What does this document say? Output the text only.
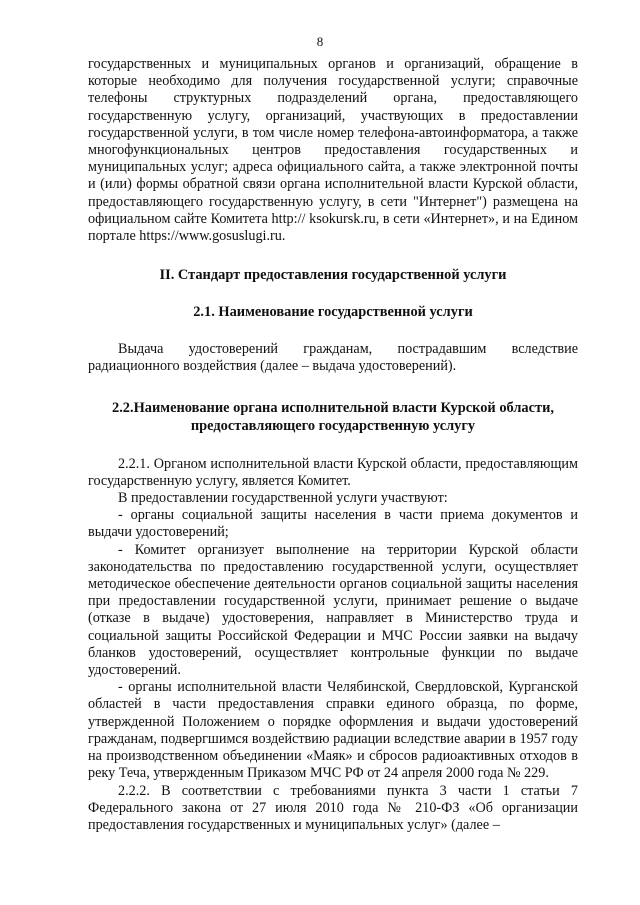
8

государственных и муниципальных органов и организаций, обращение в которые необходимо для получения государственной услуги; справочные телефоны структурных подразделений органа, предоставляющего государственную услугу, организаций, участвующих в предоставлении государственной услуги, в том числе номер телефона-автоинформатора, а также многофункциональных центров предоставления государственных и муниципальных услуг; адреса официального сайта, а также электронной почты и (или) формы обратной связи органа исполнительной власти Курской области, предоставляющего государственную услугу, в сети "Интернет") размещена на официальном сайте Комитета http:// ksokursk.ru, в сети «Интернет», и на Едином портале https://www.gosuslugi.ru.

II. Стандарт предоставления государственной услуги
2.1. Наименование государственной услуги

Выдача удостоверений гражданам, пострадавшим вследствие радиационного воздействия (далее – выдача удостоверений).

2.2.Наименование органа исполнительной власти Курской области, предоставляющего государственную услугу

2.2.1. Органом исполнительной власти Курской области, предоставляющим государственную услугу, является Комитет.

В предоставлении государственной услуги участвуют:

- органы социальной защиты населения в части приема документов и выдачи удостоверений;

- Комитет организует выполнение на территории Курской области законодательства по предоставлению государственной услуги, осуществляет методическое обеспечение деятельности органов социальной защиты населения при предоставлении государственной услуги, принимает решение о выдаче (отказе в выдаче) удостоверения, направляет в Министерство труда и социальной защиты Российской Федерации и МЧС России заявки на выдачу бланков удостоверений, осуществляет контрольные функции по выдаче удостоверений.

- органы исполнительной власти Челябинской, Свердловской, Курганской областей в части предоставления справки единого образца, по форме, утвержденной Положением о порядке оформления и выдачи удостоверений гражданам, подвергшимся воздействию радиации вследствие аварии в 1957 году на производственном объединении «Маяк» и сбросов радиоактивных отходов в реку Теча, утвержденным Приказом МЧС РФ от 24 апреля 2000 года № 229.

2.2.2. В соответствии с требованиями пункта 3 части 1 статьи 7 Федерального закона от 27 июля 2010 года № 210-ФЗ «Об организации предоставления государственных и муниципальных услуг» (далее –
